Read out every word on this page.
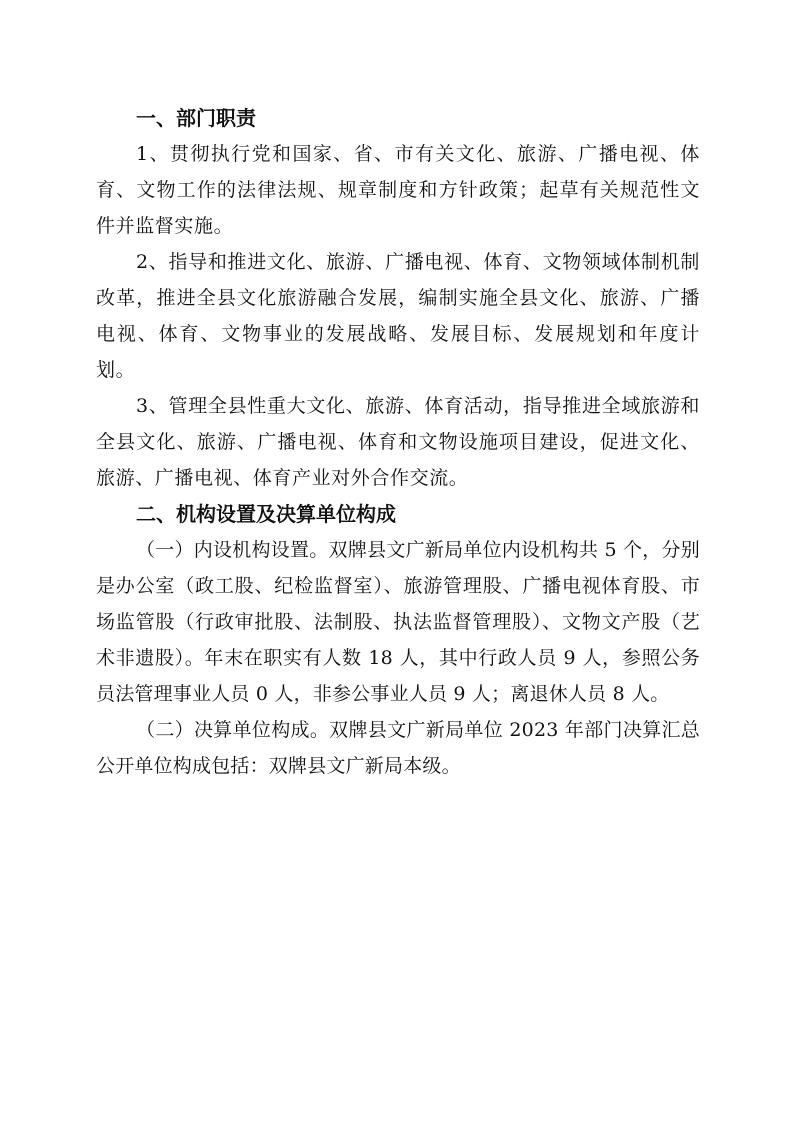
一、部门职责

1、贯彻执行党和国家、省、市有关文化、旅游、广播电视、体育、文物工作的法律法规、规章制度和方针政策；起草有关规范性文件并监督实施。

2、指导和推进文化、旅游、广播电视、体育、文物领域体制机制改革，推进全县文化旅游融合发展，编制实施全县文化、旅游、广播电视、体育、文物事业的发展战略、发展目标、发展规划和年度计划。

3、管理全县性重大文化、旅游、体育活动，指导推进全域旅游和全县文化、旅游、广播电视、体育和文物设施项目建设，促进文化、旅游、广播电视、体育产业对外合作交流。

二、机构设置及决算单位构成

（一）内设机构设置。双牌县文广新局单位内设机构共 5 个，分别是办公室（政工股、纪检监督室）、旅游管理股、广播电视体育股、市场监管股（行政审批股、法制股、执法监督管理股）、文物文产股（艺术非遗股）。年末在职实有人数 18 人，其中行政人员 9 人，参照公务员法管理事业人员 0 人，非参公事业人员 9 人；离退休人员 8 人。

（二）决算单位构成。双牌县文广新局单位 2023 年部门决算汇总公开单位构成包括：双牌县文广新局本级。
